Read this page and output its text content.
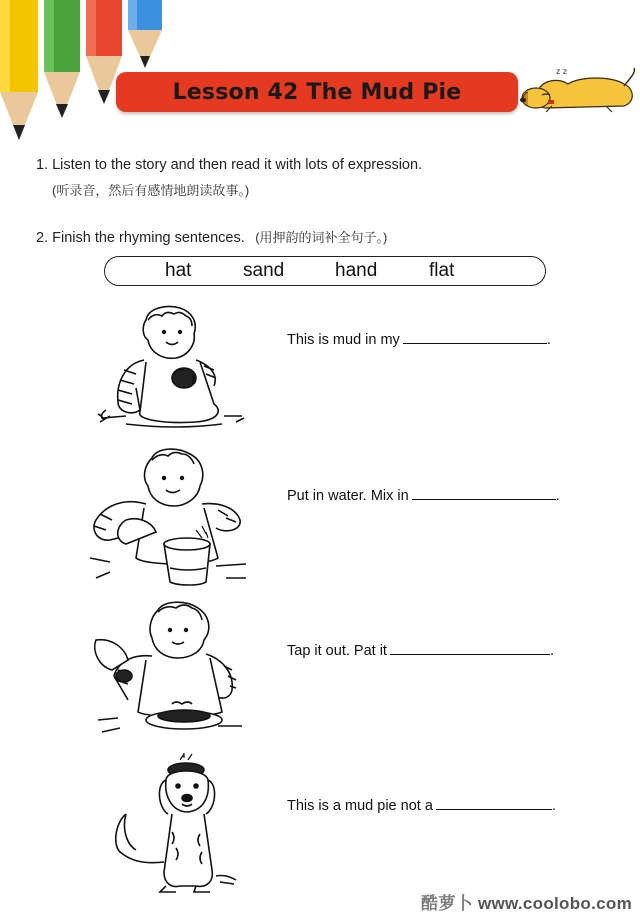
Lesson 42 The Mud Pie
z z
1. Listen to the story and then read it with lots of expression.
(听录音，然后有感情地朗读故事。)
2. Finish the rhyming sentences. (用押韵的词补全句子。)
hat	sand	hand	flat
This is mud in my	.
Put in water. Mix in	.
Tap it out. Pat it	.
This is a mud pie not a	.
酷萝卜 www.coolobo.com
